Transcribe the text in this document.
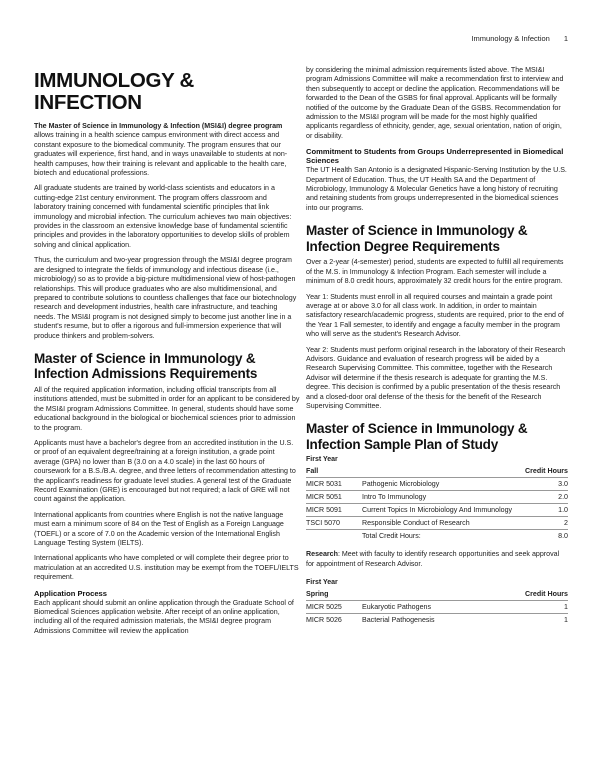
Immunology & Infection 1
IMMUNOLOGY & INFECTION

The Master of Science in Immunology & Infection (MSI&I) degree program allows training in a health science campus environment with direct access and constant exposure to the biomedical community. The program ensures that our graduates will experience, first hand, and in ways unavailable to students at non-health campuses, how their training is relevant and applicable to the health care, biotech and educational professions.

All graduate students are trained by world-class scientists and educators in a cutting-edge 21st century environment. The program offers classroom and laboratory training concerned with fundamental scientific principles that link immunology and microbial infection. The curriculum achieves two main objectives: provides in the classroom an extensive knowledge base of fundamental scientific principles and provides in the laboratory opportunities to develop skills of problem solving and clinical application.

Thus, the curriculum and two-year progression through the MSI&I degree program are designed to integrate the fields of immunology and infectious disease (i.e., microbiology) so as to provide a big-picture multidimensional view of host-pathogen relationships. This will produce graduates who are also multidimensional, and prepared to contribute solutions to countless challenges that face our biotechnology research and development industries, health care infrastructure, and teaching needs. The MSI&I program is not designed simply to become just another line in a student's resume, but to offer a rigorous and full-immersion experience that will produce thinkers and problem-solvers.

Master of Science in Immunology & Infection Admissions Requirements

All of the required application information, including official transcripts from all institutions attended, must be submitted in order for an applicant to be considered by the MSI&I program Admissions Committee. In general, students should have some educational background in the biological or biochemical sciences prior to admission to the program.

Applicants must have a bachelor's degree from an accredited institution in the U.S. or proof of an equivalent degree/training at a foreign institution, a grade point average (GPA) no lower than B (3.0 on a 4.0 scale) in the last 60 hours of coursework for a B.S./B.A. degree, and three letters of recommendation attesting to the applicant's readiness for graduate level studies. A general test of the Graduate Record Examination (GRE) is encouraged but not required; a lack of GRE will not count against the application.

International applicants from countries where English is not the native language must earn a minimum score of 84 on the Test of English as a Foreign Language (TOEFL) or a score of 7.0 on the Academic version of the International English Language Testing System (IELTS).

International applicants who have completed or will complete their degree prior to matriculation at an accredited U.S. institution may be exempt from the TOEFL/IELTS requirement.

Application Process

Each applicant should submit an online application through the Graduate School of Biomedical Sciences application website. After receipt of an online application, including all of the required admission materials, the MSI&I degree program Admissions Committee will review the application

by considering the minimal admission requirements listed above. The MSI&I program Admissions Committee will make a recommendation first to interview and then subsequently to accept or decline the application. Recommendations will be forwarded to the Dean of the GSBS for final approval. Applicants will be formally notified of the outcome by the Graduate Dean of the GSBS. Recommendation for admission to the MSI&I program will be made for the most highly qualified applicants regardless of ethnicity, gender, age, sexual orientation, nation of origin, or disability.

Commitment to Students from Groups Underrepresented in Biomedical Sciences

The UT Health San Antonio is a designated Hispanic-Serving Institution by the U.S. Department of Education. Thus, the UT Health SA and the Department of Microbiology, Immunology & Molecular Genetics have a long history of recruiting and retaining students from groups underrepresented in the biomedical sciences into our programs.

Master of Science in Immunology & Infection Degree Requirements

Over a 2-year (4-semester) period, students are expected to fulfill all requirements of the M.S. in Immunology & Infection Program. Each semester will include a minimum of 8.0 credit hours, approximately 32 credit hours for the entire program.

Year 1: Students must enroll in all required courses and maintain a grade point average at or above 3.0 for all class work. In addition, in order to maintain satisfactory research/academic progress, students are required, prior to the end of the Year 1 Fall semester, to identify and engage a faculty member in the program who will serve as the student's Research Advisor.

Year 2: Students must perform original research in the laboratory of their Research Advisors. Guidance and evaluation of research progress will be aided by a Research Supervising Committee. This committee, together with the Research Advisor will determine if the thesis research is adequate for granting the M.S. degree. This decision is confirmed by a public presentation of the thesis research and a closed-door oral defense of the thesis for the benefit of the Research Supervising Committee.

Master of Science in Immunology & Infection Sample Plan of Study
First Year
Fall		Credit Hours
MICR 5031	Pathogenic Microbiology	3.0
MICR 5051	Intro To Immunology	2.0
MICR 5091	Current Topics In Microbiology And Immunology	1.0
TSCI 5070	Responsible Conduct of Research	2
	Total Credit Hours:	8.0

Research: Meet with faculty to identify research opportunities and seek approval for appointment of Research Advisor.

First Year
Spring		Credit Hours
MICR 5025	Eukaryotic Pathogens	1
MICR 5026	Bacterial Pathogenesis	1
